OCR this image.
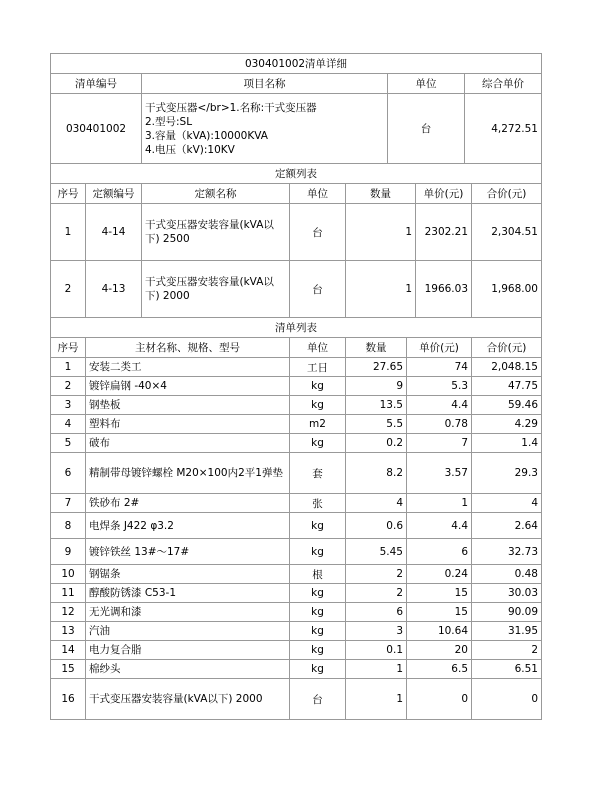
030401002清单详细			
清单编号	项目名称	单位	综合单价
030401002	干式变压器</br>1.名称:干式变压器
2.型号:SL
3.容量（kVA):10000KVA
4.电压（kV):10KV	台	4,272.51
定额列表			
序号	定额编号	定额名称	单位	数量	单价(元)	合价(元)
1	4-14	干式变压器安装容量(kVA以下) 2500	台	1	2302.21	2,304.51
2	4-13	干式变压器安装容量(kVA以下) 2000	台	1	1966.03	1,968.00
清单列表						
序号	主材名称、规格、型号	单位	数量	单价(元)	合价(元)
1	安装二类工	工日	27.65	74	2,048.15
2	镀锌扁钢 -40×4	kg	9	5.3	47.75
3	钢垫板	kg	13.5	4.4	59.46
4	塑料布	m2	5.5	0.78	4.29
5	破布	kg	0.2	7	1.4
6	精制带母镀锌螺栓 M20×100内2平1弹垫	套	8.2	3.57	29.3
7	铁砂布 2#	张	4	1	4
8	电焊条 J422 φ3.2	kg	0.6	4.4	2.64
9	镀锌铁丝 13#～17#	kg	5.45	6	32.73
10	钢锯条	根	2	0.24	0.48
11	醇酸防锈漆 C53-1	kg	2	15	30.03
12	无光调和漆	kg	6	15	90.09
13	汽油	kg	3	10.64	31.95
14	电力复合脂	kg	0.1	20	2
15	棉纱头	kg	1	6.5	6.51
16	干式变压器安装容量(kVA以下) 2000	台	1	0	0
